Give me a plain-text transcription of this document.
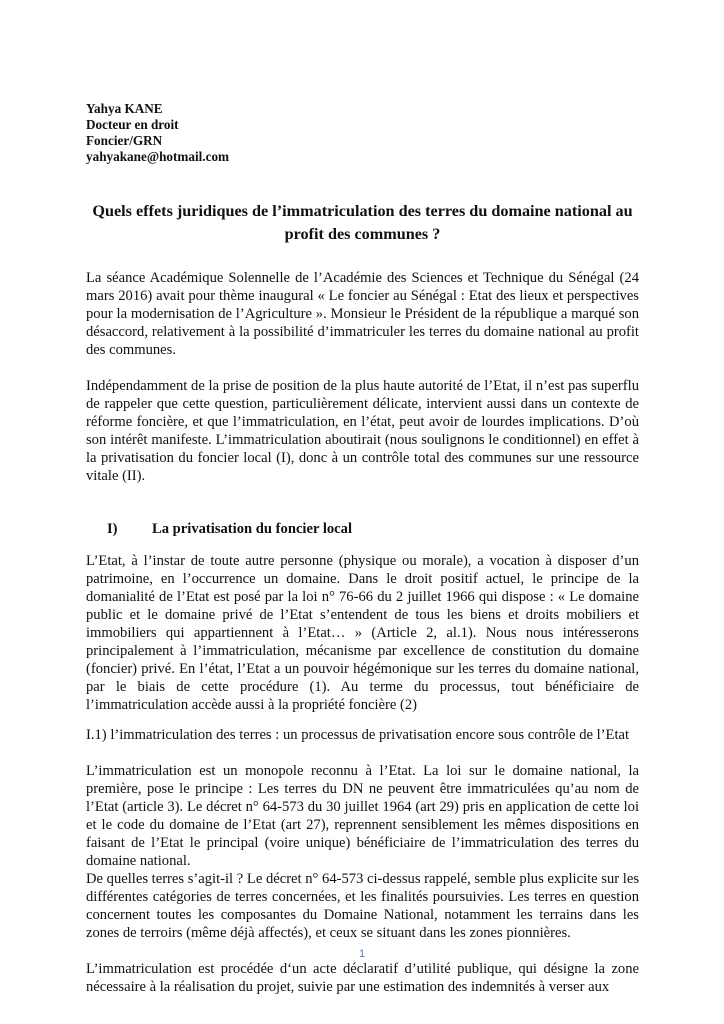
Yahya KANE
Docteur en droit
Foncier/GRN
yahyakane@hotmail.com
Quels effets juridiques de l’immatriculation des terres du domaine national au profit des communes ?

La séance Académique Solennelle de l’Académie des Sciences et Technique du Sénégal (24 mars 2016) avait pour thème inaugural « Le foncier au Sénégal : Etat des lieux et perspectives pour la modernisation de l’Agriculture ». Monsieur le Président de la république a marqué son désaccord, relativement à la possibilité d’immatriculer les terres du domaine national au profit des communes.

Indépendamment de la prise de position de la plus haute autorité de l’Etat, il n’est pas superflu de rappeler que cette question, particulièrement délicate, intervient aussi dans un contexte de réforme foncière, et que l’immatriculation, en l’état, peut avoir de lourdes implications. D’où son intérêt manifeste. L’immatriculation aboutirait (nous soulignons le conditionnel) en effet à la privatisation du foncier local (I), donc à un contrôle total des communes sur une ressource vitale (II).

I)	La privatisation du foncier local

L’Etat, à l’instar de toute autre personne (physique ou morale), a vocation à disposer d’un patrimoine, en l’occurrence un domaine. Dans le droit positif actuel, le principe de la domanialité de l’Etat est posé par la loi n° 76-66 du 2 juillet 1966 qui dispose : « Le domaine public et le domaine privé de l’Etat s’entendent de tous les biens et droits mobiliers et immobiliers qui appartiennent à l’Etat… » (Article 2, al.1). Nous nous intéresserons principalement à l’immatriculation, mécanisme par excellence de constitution du domaine (foncier) privé. En l’état, l’Etat a un pouvoir hégémonique sur les terres du domaine national, par le biais de cette procédure (1). Au terme du processus, tout bénéficiaire de l’immatriculation accède aussi à la propriété foncière (2)

I.1) l’immatriculation des terres : un processus de privatisation encore sous contrôle de l’Etat

L’immatriculation est un monopole reconnu à l’Etat. La loi sur le domaine national, la première, pose le principe : Les terres du DN ne peuvent être immatriculées qu’au nom de l’Etat (article 3). Le décret n° 64-573 du 30 juillet 1964 (art 29) pris en application de cette loi et le code du domaine de l’Etat (art 27), reprennent sensiblement les mêmes dispositions en faisant de l’Etat le principal (voire unique) bénéficiaire de l’immatriculation des terres du domaine national.

De quelles terres s’agit-il ? Le décret n° 64-573 ci-dessus rappelé, semble plus explicite sur les différentes catégories de terres concernées, et les finalités poursuivies. Les terres en question concernent toutes les composantes du Domaine National, notamment les terrains dans les zones de terroirs (même déjà affectés), et ceux se situant dans les zones pionnières.

L’immatriculation est procédée d‘un acte déclaratif d’utilité publique, qui désigne la zone nécessaire à la réalisation du projet, suivie par une estimation des indemnités à verser aux

1
